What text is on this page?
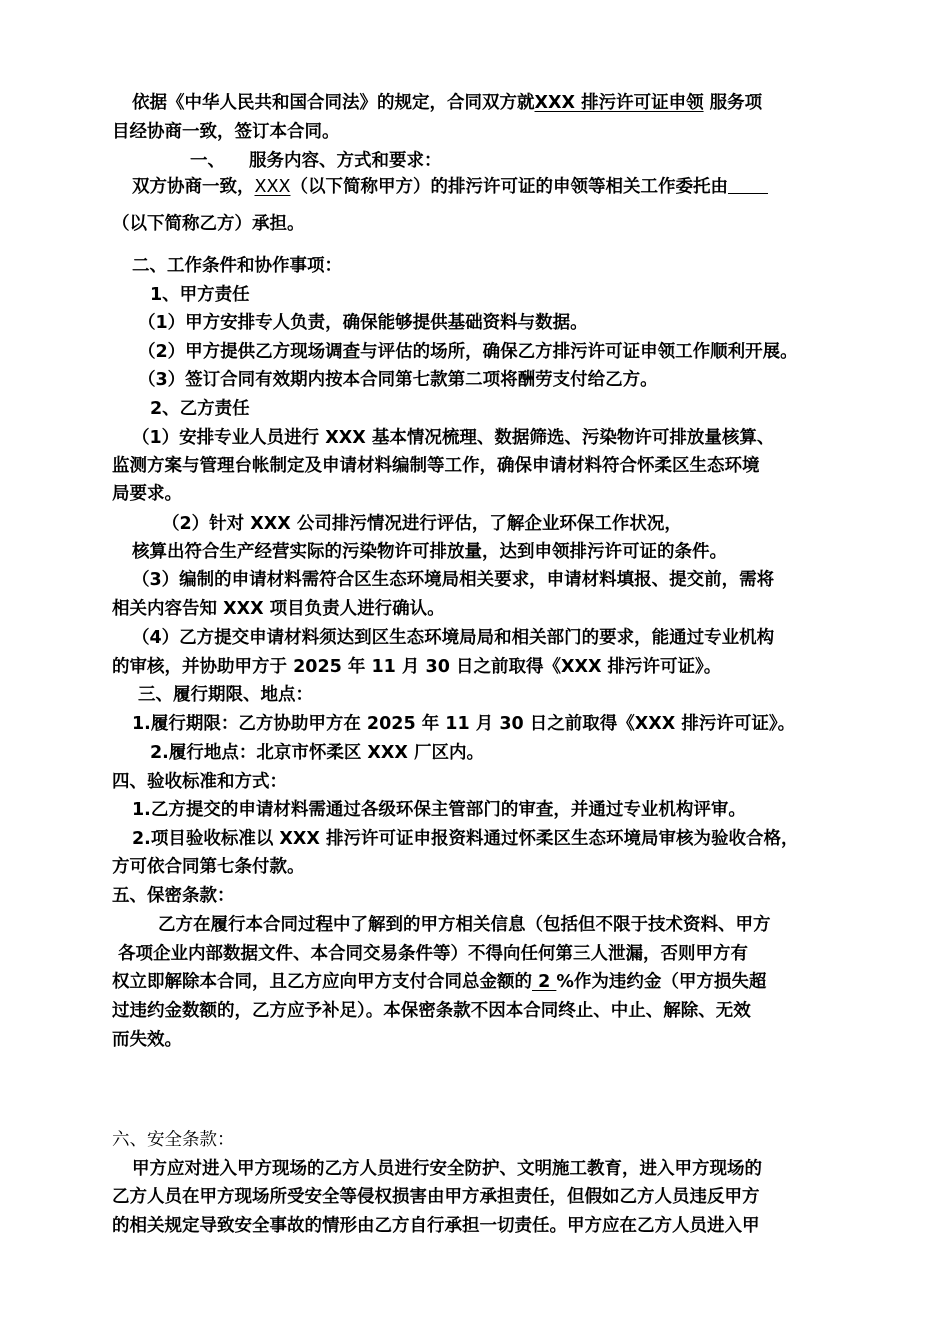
依据《中华人民共和国合同法》的规定，合同双方就XXX 排污许可证申领 服务项
目经协商一致，签订本合同。
一、 服务内容、方式和要求：
双方协商一致，XXX（以下简称甲方）的排污许可证的申领等相关工作委托由
（以下简称乙方）承担。
二、工作条件和协作事项：
1、甲方责任
（1）甲方安排专人负责，确保能够提供基础资料与数据。
（2）甲方提供乙方现场调查与评估的场所，确保乙方排污许可证申领工作顺利开展。
（3）签订合同有效期内按本合同第七款第二项将酬劳支付给乙方。
2、乙方责任
（1）安排专业人员进行 XXX 基本情况梳理、数据筛选、污染物许可排放量核算、
监测方案与管理台帐制定及申请材料编制等工作，确保申请材料符合怀柔区生态环境
局要求。
（2）针对 XXX 公司排污情况进行评估，了解企业环保工作状况，
核算出符合生产经营实际的污染物许可排放量，达到申领排污许可证的条件。
（3）编制的申请材料需符合区生态环境局相关要求，申请材料填报、提交前，需将
相关内容告知 XXX 项目负责人进行确认。
（4）乙方提交申请材料须达到区生态环境局局和相关部门的要求，能通过专业机构
的审核，并协助甲方于 2025 年 11 月 30 日之前取得《XXX 排污许可证》。
三、履行期限、地点：
1.履行期限：乙方协助甲方在 2025 年 11 月 30 日之前取得《XXX 排污许可证》。
2.履行地点：北京市怀柔区 XXX 厂区内。
四、验收标准和方式：
1.乙方提交的申请材料需通过各级环保主管部门的审查，并通过专业机构评审。
2.项目验收标准以 XXX 排污许可证申报资料通过怀柔区生态环境局审核为验收合格，
方可依合同第七条付款。
五、保密条款：
乙方在履行本合同过程中了解到的甲方相关信息（包括但不限于技术资料、甲方
各项企业内部数据文件、本合同交易条件等）不得向任何第三人泄漏，否则甲方有
权立即解除本合同，且乙方应向甲方支付合同总金额的 2 %作为违约金（甲方损失超
过违约金数额的，乙方应予补足）。本保密条款不因本合同终止、中止、解除、无效
而失效。
六、安全条款：
甲方应对进入甲方现场的乙方人员进行安全防护、文明施工教育，进入甲方现场的
乙方人员在甲方现场所受安全等侵权损害由甲方承担责任，但假如乙方人员违反甲方
的相关规定导致安全事故的情形由乙方自行承担一切责任。甲方应在乙方人员进入甲
